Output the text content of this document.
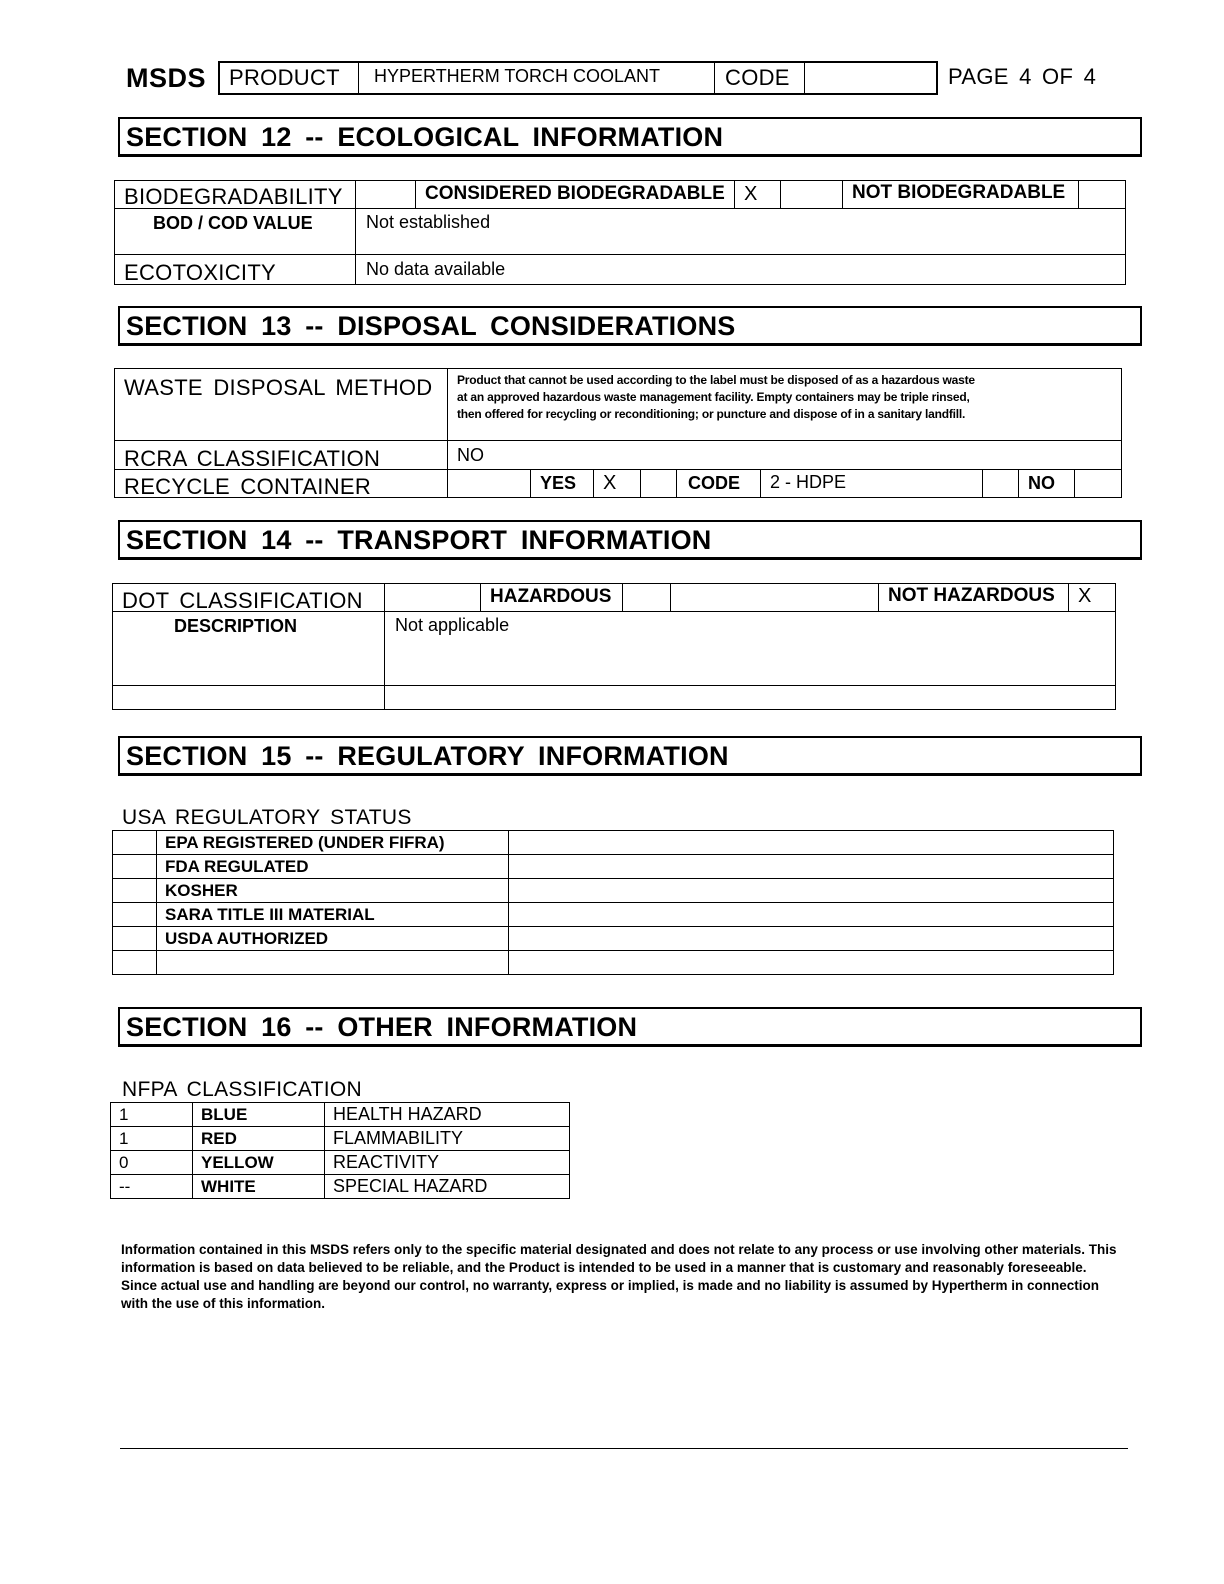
MSDS PRODUCT HYPERTHERM TORCH COOLANT	CODE	PAGE 4 OF 4
SECTION 12 -- ECOLOGICAL INFORMATION
BIODEGRADABILITY	CONSIDERED BIODEGRADABLE X	NOT BIODEGRADABLE
BOD / COD VALUE	Not established
ECOTOXICITY	No data available
SECTION 13 -- DISPOSAL CONSIDERATIONS
WASTE DISPOSAL METHOD Product that cannot be used according to the label must be disposed of as a hazardous waste
at an approved hazardous waste management facility. Empty containers may be triple rinsed,
then offered for recycling or reconditioning; or puncture and dispose of in a sanitary landfill.
RCRA CLASSIFICATION	NO
RECYCLE CONTAINER	YES X	CODE 2 - HDPE	NO
SECTION 14 -- TRANSPORT INFORMATION
DOT CLASSIFICATION	HAZARDOUS	NOT HAZARDOUS X
DESCRIPTION	Not applicable
SECTION 15 -- REGULATORY INFORMATION
USA REGULATORY STATUS
	EPA REGISTERED (UNDER FIFRA)	
	FDA REGULATED	
	KOSHER	
	SARA TITLE III MATERIAL	
	USDA AUTHORIZED	

SECTION 16 -- OTHER INFORMATION
NFPA CLASSIFICATION
1	BLUE	HEALTH HAZARD
1	RED	FLAMMABILITY
0	YELLOW	REACTIVITY
--	WHITE	SPECIAL HAZARD
Information contained in this MSDS refers only to the specific material designated and does not relate to any process or use involving other materials. This information is based on data believed to be reliable, and the Product is intended to be used in a manner that is customary and reasonably foreseeable. Since actual use and handling are beyond our control, no warranty, express or implied, is made and no liability is assumed by Hypertherm in connection with the use of this information.
